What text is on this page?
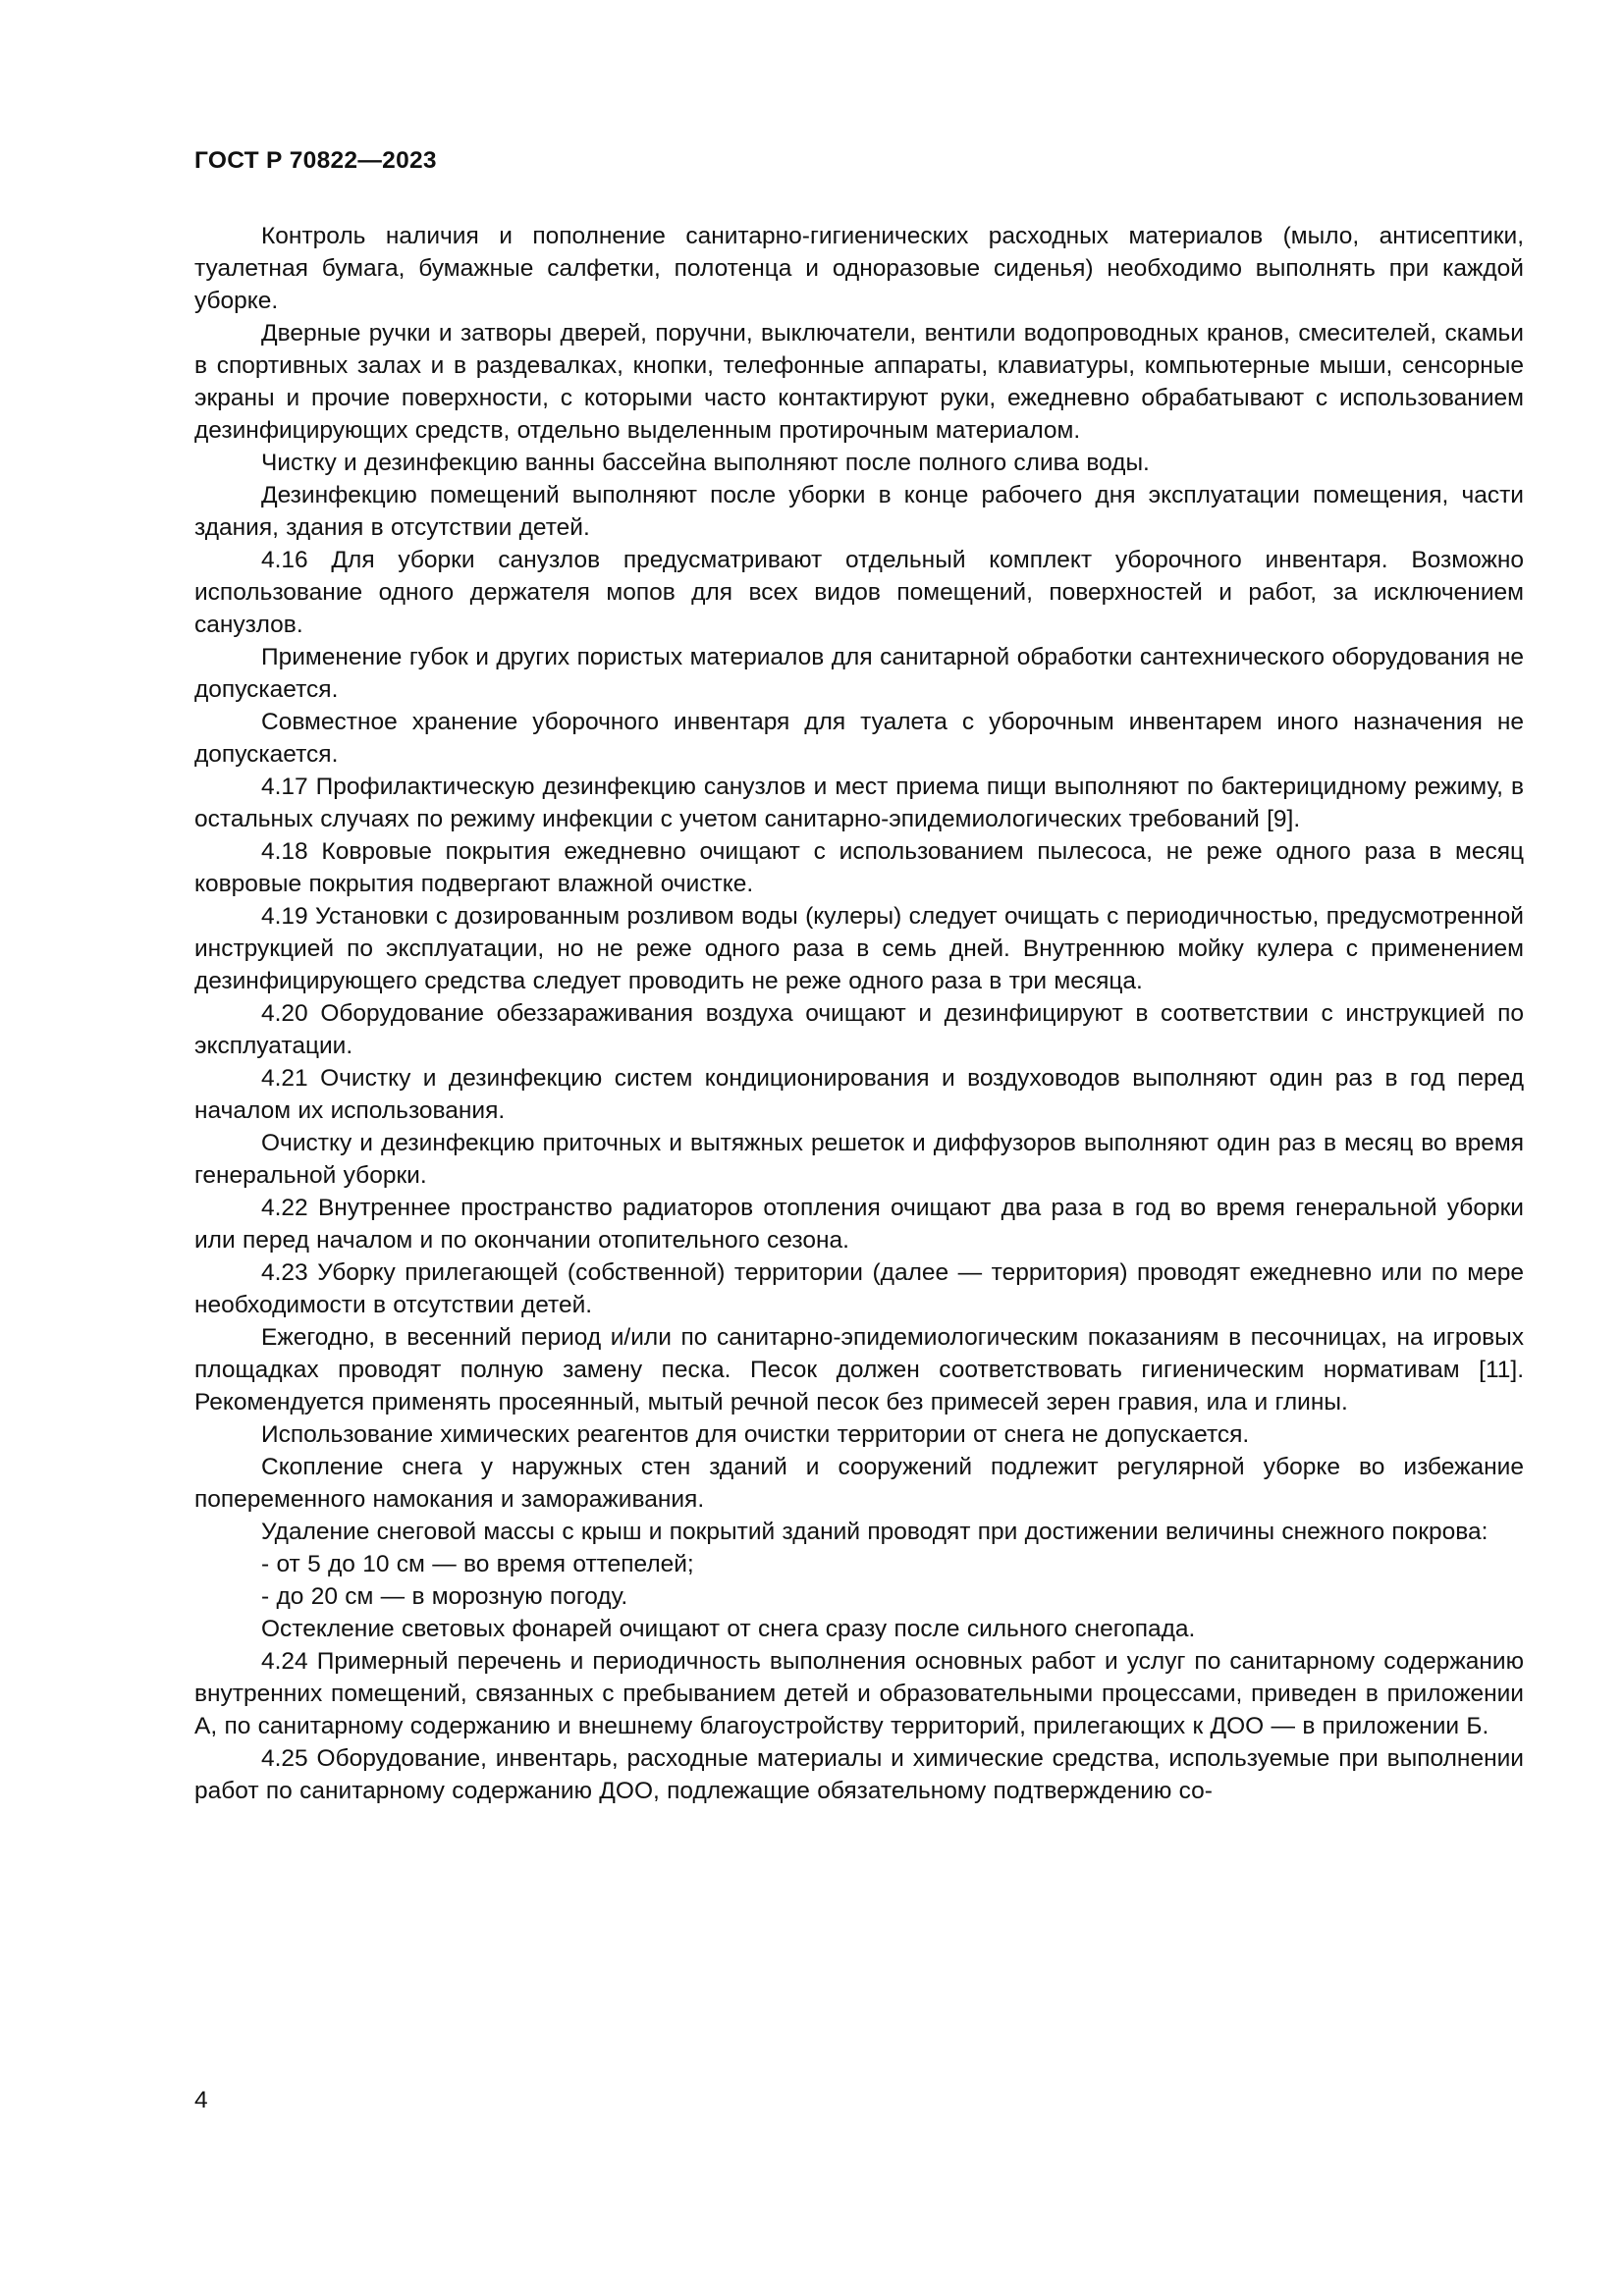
ГОСТ Р 70822—2023

Контроль наличия и пополнение санитарно-гигиенических расходных материалов (мыло, антисептики, туалетная бумага, бумажные салфетки, полотенца и одноразовые сиденья) необходимо выполнять при каждой уборке.

Дверные ручки и затворы дверей, поручни, выключатели, вентили водопроводных кранов, смесителей, скамьи в спортивных залах и в раздевалках, кнопки, телефонные аппараты, клавиатуры, компьютерные мыши, сенсорные экраны и прочие поверхности, с которыми часто контактируют руки, ежедневно обрабатывают с использованием дезинфицирующих средств, отдельно выделенным протирочным материалом.

Чистку и дезинфекцию ванны бассейна выполняют после полного слива воды.

Дезинфекцию помещений выполняют после уборки в конце рабочего дня эксплуатации помещения, части здания, здания в отсутствии детей.

4.16 Для уборки санузлов предусматривают отдельный комплект уборочного инвентаря. Возможно использование одного держателя мопов для всех видов помещений, поверхностей и работ, за исключением санузлов.

Применение губок и других пористых материалов для санитарной обработки сантехнического оборудования не допускается.

Совместное хранение уборочного инвентаря для туалета с уборочным инвентарем иного назначения не допускается.

4.17 Профилактическую дезинфекцию санузлов и мест приема пищи выполняют по бактерицидному режиму, в остальных случаях по режиму инфекции с учетом санитарно-эпидемиологических требований [9].

4.18 Ковровые покрытия ежедневно очищают с использованием пылесоса, не реже одного раза в месяц ковровые покрытия подвергают влажной очистке.

4.19 Установки с дозированным розливом воды (кулеры) следует очищать с периодичностью, предусмотренной инструкцией по эксплуатации, но не реже одного раза в семь дней. Внутреннюю мойку кулера с применением дезинфицирующего средства следует проводить не реже одного раза в три месяца.

4.20 Оборудование обеззараживания воздуха очищают и дезинфицируют в соответствии с инструкцией по эксплуатации.

4.21 Очистку и дезинфекцию систем кондиционирования и воздуховодов выполняют один раз в год перед началом их использования.

Очистку и дезинфекцию приточных и вытяжных решеток и диффузоров выполняют один раз в месяц во время генеральной уборки.

4.22 Внутреннее пространство радиаторов отопления очищают два раза в год во время генеральной уборки или перед началом и по окончании отопительного сезона.

4.23 Уборку прилегающей (собственной) территории (далее — территория) проводят ежедневно или по мере необходимости в отсутствии детей.

Ежегодно, в весенний период и/или по санитарно-эпидемиологическим показаниям в песочницах, на игровых площадках проводят полную замену песка. Песок должен соответствовать гигиеническим нормативам [11]. Рекомендуется применять просеянный, мытый речной песок без примесей зерен гравия, ила и глины.

Использование химических реагентов для очистки территории от снега не допускается.

Скопление снега у наружных стен зданий и сооружений подлежит регулярной уборке во избежание попеременного намокания и замораживания.

Удаление снеговой массы с крыш и покрытий зданий проводят при достижении величины снежного покрова:

- от 5 до 10 см — во время оттепелей;

- до 20 см — в морозную погоду.

Остекление световых фонарей очищают от снега сразу после сильного снегопада.

4.24 Примерный перечень и периодичность выполнения основных работ и услуг по санитарному содержанию внутренних помещений, связанных с пребыванием детей и образовательными процессами, приведен в приложении А, по санитарному содержанию и внешнему благоустройству территорий, прилегающих к ДОО — в приложении Б.

4.25 Оборудование, инвентарь, расходные материалы и химические средства, используемые при выполнении работ по санитарному содержанию ДОО, подлежащие обязательному подтверждению со-

4
